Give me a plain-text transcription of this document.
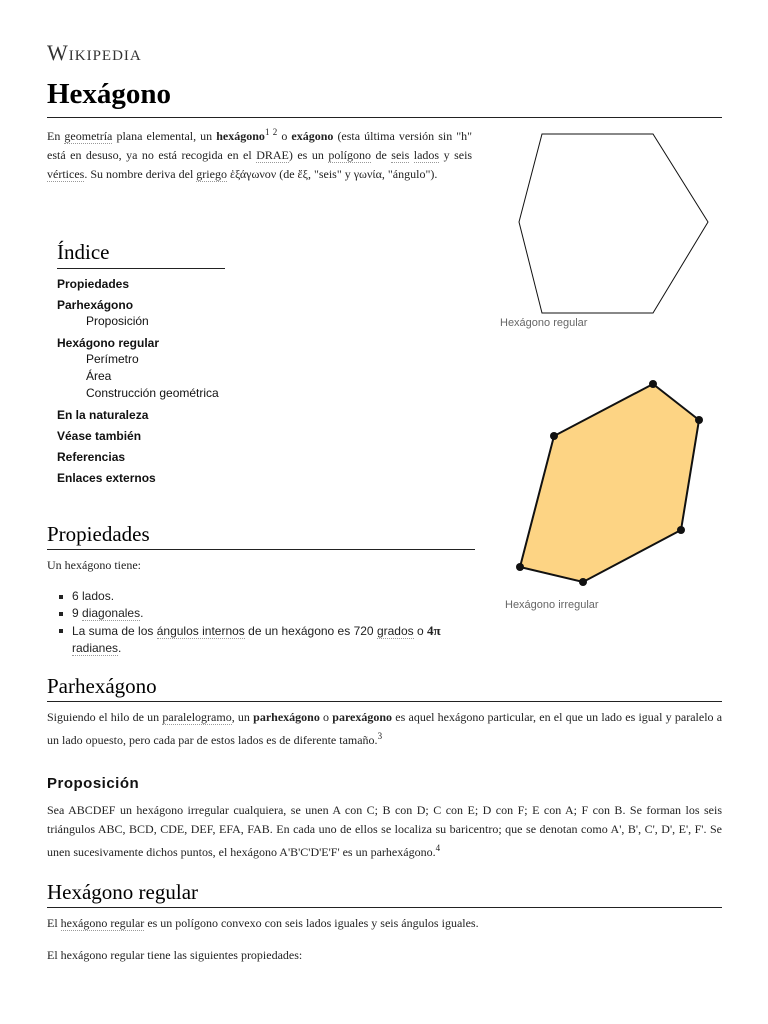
Wikipedia
Hexágono
En geometría plana elemental, un hexágono$^{1 2}$ o exágono (esta última versión sin "h" está en desuso, ya no está recogida en el DRAE) es un polígono de seis lados y seis vértices. Su nombre deriva del griego ἑξάγωνον (de ἕξ, "seis" y γωνία, "ángulo").
Hexágono regular
Hexágono irregular
Índice
Propiedades
Parhexágono
Proposición
Hexágono regular
Perímetro
Área
Construcción geométrica
En la naturaleza
Véase también
Referencias
Enlaces externos
Propiedades
Un hexágono tiene:
6 lados.
9 diagonales.
La suma de los ángulos internos de un hexágono es 720 grados o 4π
radianes.
Parhexágono
Siguiendo el hilo de un paralelogramo, un parhexágono o parexágono es aquel hexágono particular, en el que un lado es igual y paralelo a un lado opuesto, pero cada par de estos lados es de diferente tamaño.$^3$
Proposición
Sea ABCDEF un hexágono irregular cualquiera, se unen A con C; B con D; C con E; D con F; E con A; F con B. Se forman los seis triángulos ABC, BCD, CDE, DEF, EFA, FAB. En cada uno de ellos se localiza su baricentro; que se denotan como A', B', C', D', E', F'. Se unen sucesivamente dichos puntos, el hexágono A'B'C'D'E'F' es un parhexágono.$^4$
Hexágono regular
El hexágono regular es un polígono convexo con seis lados iguales y seis ángulos iguales.
El hexágono regular tiene las siguientes propiedades:
